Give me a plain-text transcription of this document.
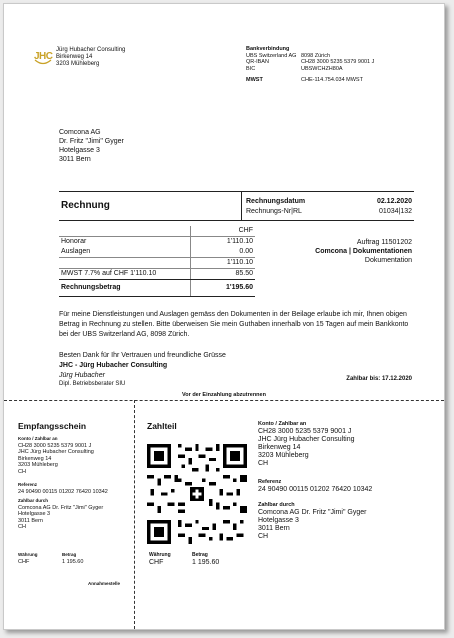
JHC
Jürg Hubacher Consulting
Birkenweg 14
3203 Mühleberg
Bankverbindung
UBS Switzerland AG 8098 Zürich
QR-IBAN	CH28 3000 5235 5379 9001 J
BIC	UBSWCHZH80A
MWST	CHE-114.754.034 MWST
Comcona AG
Dr. Fritz "Jimi" Gyger
Hotelgasse 3
3011 Bern
Rechnung	Rechnungsdatum	02.12.2020
Rechnungs-Nr|RL	01034|132
	CHF
Honorar	1'110.10
Auslagen	0.00
	1'110.10
MWST 7.7% auf CHF 1'110.10	85.50
Rechnungsbetrag	1'195.60
Auftrag 11501202
Comcona | Dokumentationen
Dokumentation
Für meine Dienstleistungen und Auslagen gemäss den Dokumenten in der Beilage erlaube ich mir, Ihnen obigen Betrag in Rechnung zu stellen. Bitte überweisen Sie mein Guthaben innerhalb von 15 Tagen auf mein Bankkonto bei der UBS Switzerland AG, 8098 Zürich.
Besten Dank für Ihr Vertrauen und freundliche Grüsse
JHC - Jürg Hubacher Consulting
Jürg Hubacher
Dipl. Betriebsberater SIU
Zahlbar bis: 17.12.2020
Vor der Einzahlung abzutrennen
Empfangsschein
Konto / Zahlbar an
CH28 3000 5235 5379 9001 J
JHC Jürg Hubacher Consulting
Birkenweg 14
3203 Mühleberg
CH
Referenz
24 90490 00115 01202 76420 10342
Zahlbar durch
Comcona AG Dr. Fritz "Jimi" Gyger
Hotelgasse 3
3011 Bern
CH
Währung
CHF
Betrag
1 195.60
Annahmestelle
Zahlteil
Währung
CHF
Betrag
1 195.60
Konto / Zahlbar an
CH28 3000 5235 5379 9001 J
JHC Jürg Hubacher Consulting
Birkenweg 14
3203 Mühleberg
CH
Referenz
24 90490 00115 01202 76420 10342
Zahlbar durch
Comcona AG Dr. Fritz "Jimi" Gyger
Hotelgasse 3
3011 Bern
CH
